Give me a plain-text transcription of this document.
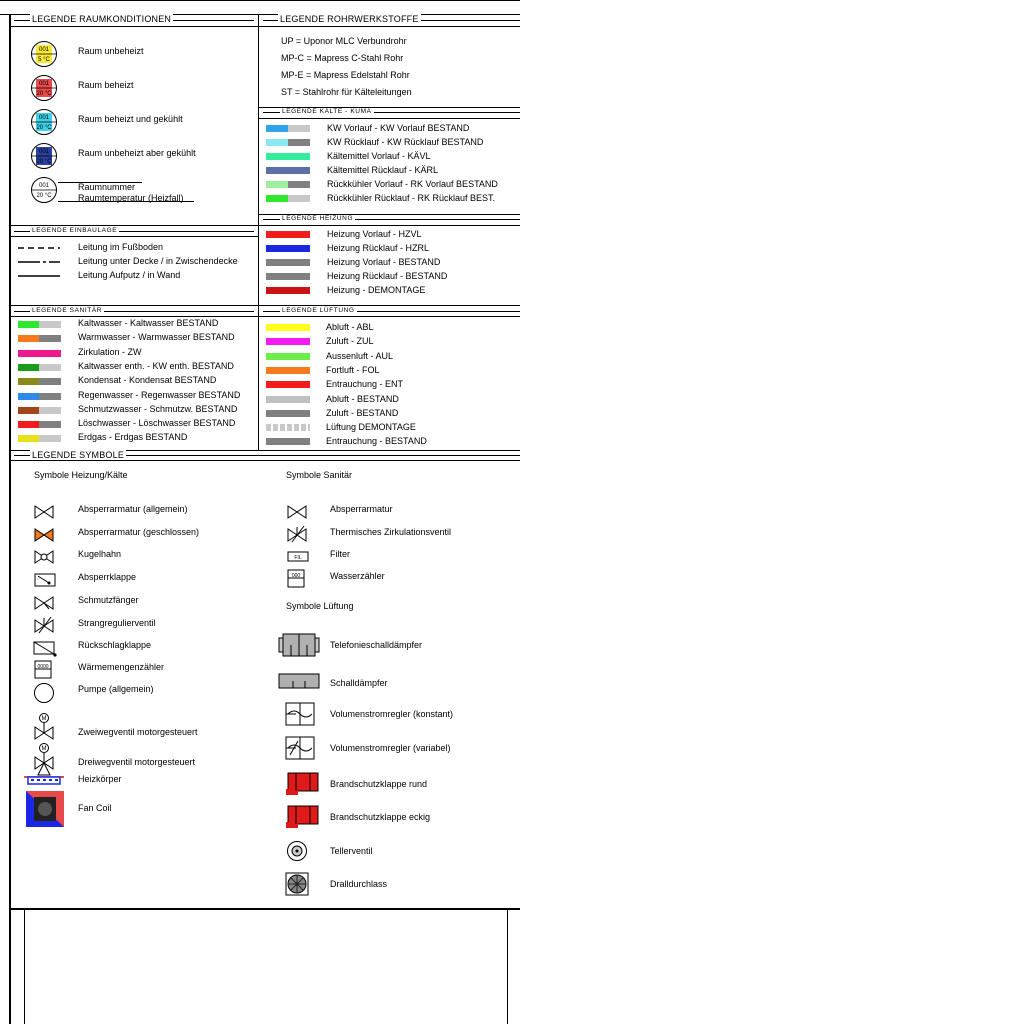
LEGENDE RAUMKONDITIONEN	LEGENDE ROHRWERKSTOFFE
LEGENDE KÄLTE - KUMA
LEGENDE EINBAULAGE
LEGENDE HEIZUNG
LEGENDE SANITÄR	LEGENDE LÜFTUNG
LEGENDE SYMBOLE
001
5 °C
Raum unbeheizt
001
20 °C
Raum beheizt
001
20 °C
Raum beheizt und gekühlt
001
20 °C
Raum unbeheizt aber gekühlt
001
20 °C
Raumnummer
Raumtemperatur (Heizfall)
UP = Uponor MLC Verbundrohr
MP-C = Mapress C-Stahl Rohr
MP-E = Mapress Edelstahl Rohr
ST = Stahlrohr für Kälteleitungen
KW Vorlauf - KW Vorlauf BESTAND
KW Rücklauf - KW Rücklauf BESTAND
Kältemittel Vorlauf - KÄVL
Kältemittel Rücklauf - KÄRL
Rückkühler Vorlauf - RK Vorlauf BESTAND
Rückkühler Rücklauf - RK Rücklauf BEST.
Leitung im Fußboden
Leitung unter Decke / in Zwischendecke
Leitung Aufputz / in Wand
Heizung Vorlauf - HZVL
Heizung Rücklauf - HZRL
Heizung Vorlauf - BESTAND
Heizung Rücklauf - BESTAND
Heizung - DEMONTAGE
Kaltwasser - Kaltwasser BESTAND
Warmwasser - Warmwasser BESTAND
Zirkulation - ZW
Kaltwasser enth. - KW enth. BESTAND
Kondensat - Kondensat BESTAND
Regenwasser - Regenwasser BESTAND
Schmutzwasser - Schmutzw. BESTAND
Löschwasser - Löschwasser BESTAND
Erdgas - Erdgas BESTAND
Abluft - ABL
Zuluft - ZUL
Aussenluft - AUL
Fortluft - FOL
Entrauchung - ENT
Abluft - BESTAND
Zuluft - BESTAND
Lüftung DEMONTAGE
Entrauchung - BESTAND
Symbole Heizung/Kälte	Symbole Sanitär
Symbole Lüftung
Absperrarmatur (allgemein)
Absperrarmatur (geschlossen)
Kugelhahn
Absperrklappe
Schmutzfänger
Strangregulierventil
Rückschlagklappe
0000	Wärmemengenzähler
Pumpe (allgemein)
M
Zweiwegventil motorgesteuert
M
Dreiwegventil motorgesteuert
Heizkörper
Fan Coil
Absperrarmatur
Thermisches Zirkulationsventil
FIL	Filter
000	Wasserzähler
Telefonieschalldämpfer
Schalldämpfer
Volumenstromregler (konstant)
Volumenstromregler (variabel)
Brandschutzklappe rund
Brandschutzklappe eckig
Tellerventil
Dralldurchlass
